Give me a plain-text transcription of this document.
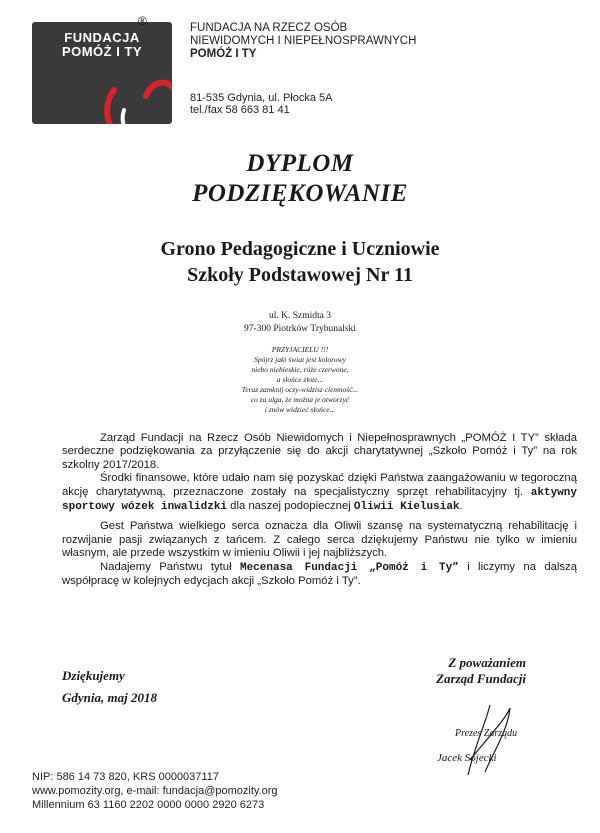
FUNDACJA
POMÓŻ I TY
®	FUNDACJA NA RZECZ OSÓB
NIEWIDOMYCH I NIEPEŁNOSPRAWNYCH
POMÓŻ I TY
81-535 Gdynia, ul. Płocka 5A
tel./fax 58 663 81 41
DYPLOM
PODZIĘKOWANIE
Grono Pedagogiczne i Uczniowie
Szkoły Podstawowej Nr 11
ul. K. Szmidta 3
97-300 Piotrków Trybunalski
PRZYJACIELU !!!
Spójrz jaki świat jest kolorowy
niebo niebieskie, róże czerwone,
a słońce złote...
Teraz zamknij oczy-widzisz ciemność...
co za ulga, że można je otworzyć
i znów widzieć słońce...

Zarząd Fundacji na Rzecz Osób Niewidomych i Niepełnosprawnych „POMÓŻ I TY” składa serdeczne podziękowania za przyłączenie się do akcji charytatywnej „Szkoło Pomóż i Ty” na rok szkolny 2017/2018.

Środki finansowe, które udało nam się pozyskać dzięki Państwa zaangażowaniu w tegoroczną akcję charytatywną, przeznaczone zostały na specjalistyczny sprzęt rehabilitacyjny tj. aktywny sportowy wózek inwalidzki dla naszej podopiecznej Oliwii Kielusiak.

Gest Państwa wielkiego serca oznacza dla Oliwii szansę na systematyczną rehabilitację i rozwijanie pasji związanych z tańcem. Z całego serca dziękujemy Państwu nie tylko w imieniu własnym, ale przede wszystkim w imieniu Oliwii i jej najbliższych.

Nadajemy Państwu tytuł Mecenasa Fundacji „Pomóż i Ty” i liczymy na dalszą współpracę w kolejnych edycjach akcji „Szkoło Pomóż i Ty”.

Dziękujemy
Gdynia, maj 2018
Z poważaniem
Zarząd Fundacji
Prezes Zarządu
Jacek Sojecki
NIP: 586 14 73 820, KRS 0000037117
www.pomozity.org, e-mail: fundacja@pomozity.org
Millennium 63 1160 2202 0000 0000 2920 6273
